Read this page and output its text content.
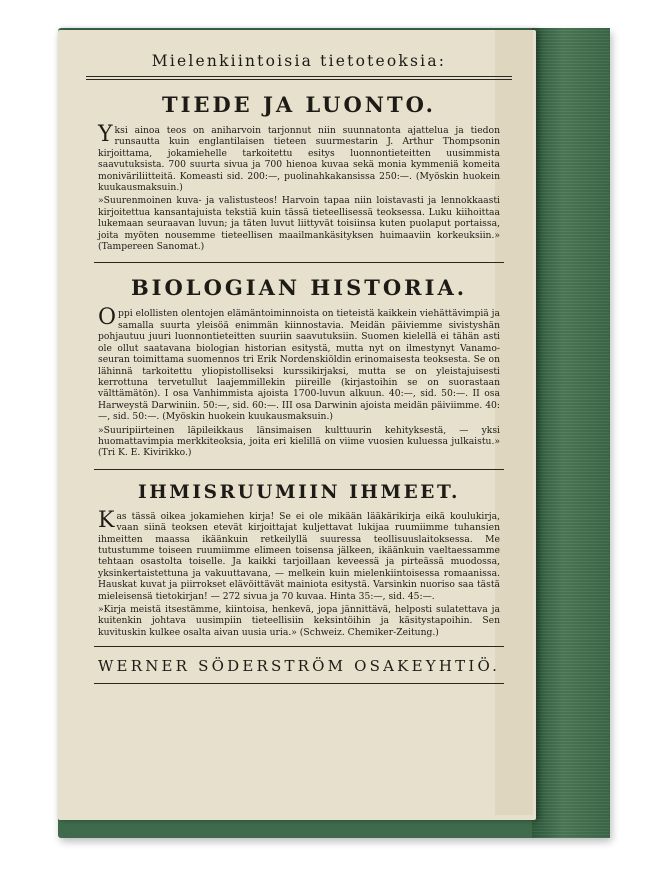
Mielenkiintoisia tietoteoksia:
TIEDE JA LUONTO.
Yksi ainoa teos on aniharvoin tarjonnut niin suunnatonta ajattelua ja tiedon runsautta kuin englantilaisen tieteen suurmestarin J. Arthur Thompsonin kirjoittama, jokamiehelle tarkoitettu esitys luonnontieteitten uusimmista saavutuksista. 700 suurta sivua ja 700 hienoa kuvaa sekä monia kymmeniä komeita moniväriliitteitä. Komeasti sid. 200:—, puolinahkakansissa 250:—. (Myöskin huokein kuukausmaksuin.)
»Suurenmoinen kuva- ja valistusteos! Harvoin tapaa niin loistavasti ja lennokkaasti kirjoitettua kansantajuista tekstiä kuin tässä tieteellisessä teoksessa. Luku kiihoittaa lukemaan seuraavan luvun; ja täten luvut liittyvät toisiinsa kuten puolaput portaissa, joita myöten nousemme tieteellisen maailmankäsityksen huimaaviin korkeuksiin.» (Tampereen Sanomat.)
BIOLOGIAN HISTORIA.
Oppi elollisten olentojen elämäntoiminnoista on tieteistä kaikkein viehättävimpiä ja samalla suurta yleisöä enimmän kiinnostavia. Meidän päiviemme sivistyshän pohjautuu juuri luonnontieteitten suuriin saavutuksiin. Suomen kielellä ei tähän asti ole ollut saatavana biologian historian esitystä, mutta nyt on ilmestynyt Vanamo-seuran toimittama suomennos tri Erik Nordenskiöldin erinomaisesta teoksesta. Se on lähinnä tarkoitettu yliopistolliseksi kurssikirjaksi, mutta se on yleistajuisesti kerrottuna tervetullut laajemmillekin piireille (kirjastoihin se on suorastaan välttämätön). I osa Vanhimmista ajoista 1700-luvun alkuun. 40:—, sid. 50:—. II osa Harweystä Darwiniin. 50:—, sid. 60:—. III osa Darwinin ajoista meidän päiviimme. 40:—, sid. 50:—. (Myöskin huokein kuukausmaksuin.)
»Suuripiirteinen läpileikkaus länsimaisen kulttuurin kehityksestä, — yksi huomattavimpia merkkiteoksia, joita eri kielillä on viime vuosien kuluessa julkaistu.» (Tri K. E. Kivirikko.)
IHMISRUUMIIN IHMEET.
Kas tässä oikea jokamiehen kirja! Se ei ole mikään lääkärikirja eikä koulukirja, vaan siinä teoksen etevät kirjoittajat kuljettavat lukijaa ruumiimme tuhansien ihmeitten maassa ikäänkuin retkeilyllä suuressa teollisuuslaitoksessa. Me tutustumme toiseen ruumiimme elimeen toisensa jälkeen, ikäänkuin vaeltaessamme tehtaan osastolta toiselle. Ja kaikki tarjoillaan keveessä ja pirteässä muodossa, yksinkertaistettuna ja vakuuttavana, — melkein kuin mielenkiintoisessa romaanissa. Hauskat kuvat ja piirrokset elävöittävät mainiota esitystä. Varsinkin nuoriso saa tästä mieleisensä tietokirjan! — 272 sivua ja 70 kuvaa. Hinta 35:—, sid. 45:—.
»Kirja meistä itsestämme, kiintoisa, henkevä, jopa jännittävä, helposti sulatettava ja kuitenkin johtava uusimpiin tieteellisiin keksintöihin ja käsitystapoihin. Sen kuvituskin kulkee osalta aivan uusia uria.» (Schweiz. Chemiker-Zeitung.)
WERNER SÖDERSTRÖM OSAKEYHTIÖ.
